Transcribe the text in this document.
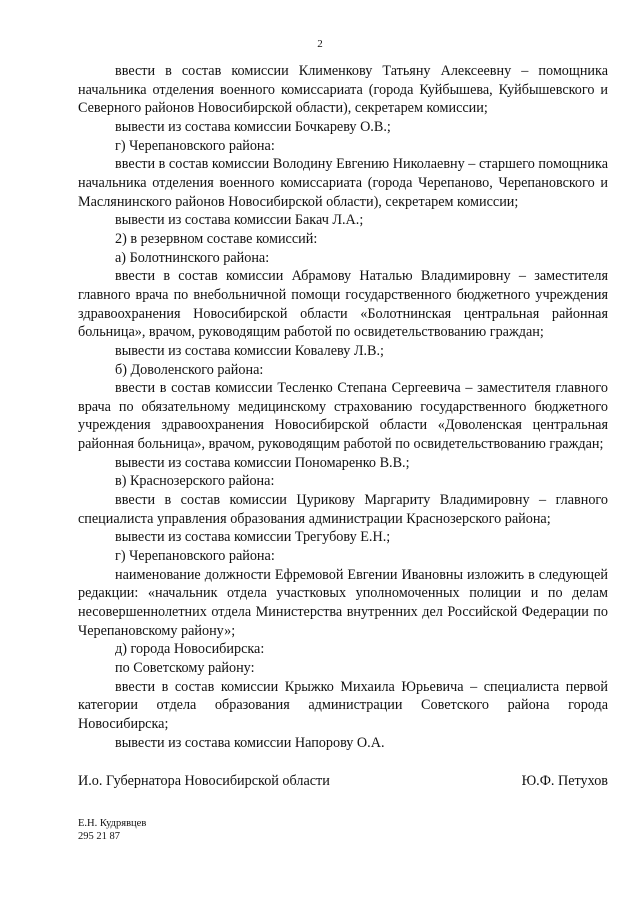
2

ввести в состав комиссии Клименкову Татьяну Алексеевну – помощника начальника отделения военного комиссариата (города Куйбышева, Куйбышевского и Северного районов Новосибирской области), секретарем комиссии;

вывести из состава комиссии Бочкареву О.В.;

г) Черепановского района:

ввести в состав комиссии Володину Евгению Николаевну – старшего помощника начальника отделения военного комиссариата (города Черепаново, Черепановского и Маслянинского районов Новосибирской области), секретарем комиссии;

вывести из состава комиссии Бакач Л.А.;

2) в резервном составе комиссий:

а) Болотнинского района:

ввести в состав комиссии Абрамову Наталью Владимировну – заместителя главного врача по внебольничной помощи государственного бюджетного учреждения здравоохранения Новосибирской области «Болотнинская центральная районная больница», врачом, руководящим работой по освидетельствованию граждан;

вывести из состава комиссии Ковалеву Л.В.;

б) Доволенского района:

ввести в состав комиссии Тесленко Степана Сергеевича – заместителя главного врача по обязательному медицинскому страхованию государственного бюджетного учреждения здравоохранения Новосибирской области «Доволенская центральная районная больница», врачом, руководящим работой по освидетельствованию граждан;

вывести из состава комиссии Пономаренко В.В.;

в) Краснозерского района:

ввести в состав комиссии Цурикову Маргариту Владимировну – главного специалиста управления образования администрации Краснозерского района;

вывести из состава комиссии Трегубову Е.Н.;

г) Черепановского района:

наименование должности Ефремовой Евгении Ивановны изложить в следующей редакции: «начальник отдела участковых уполномоченных полиции и по делам несовершеннолетних отдела Министерства внутренних дел Российской Федерации по Черепановскому району»;

д) города Новосибирска:

по Советскому району:

ввести в состав комиссии Крыжко Михаила Юрьевича – специалиста первой категории отдела образования администрации Советского района города Новосибирска;

вывести из состава комиссии Напорову О.А.

И.о. Губернатора Новосибирской области	Ю.Ф. Петухов
Е.Н. Кудрявцев
295 21 87
